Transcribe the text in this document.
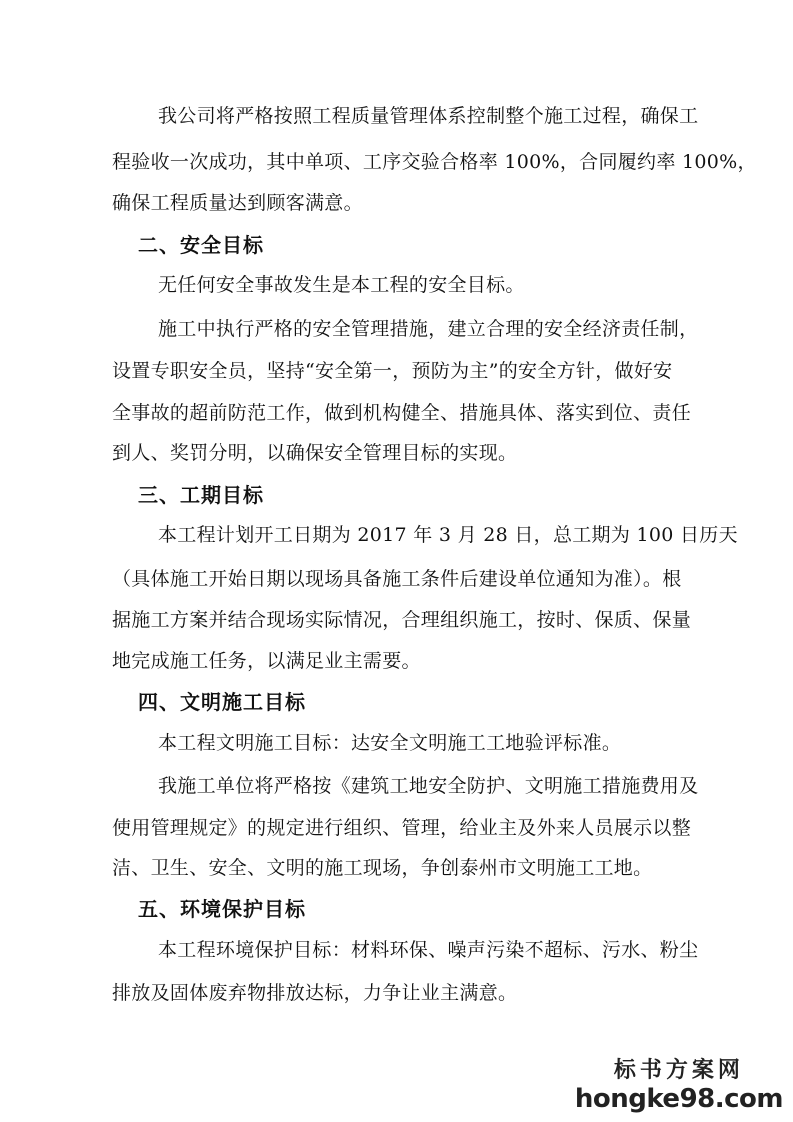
我公司将严格按照工程质量管理体系控制整个施工过程，确保工
程验收一次成功，其中单项、工序交验合格率 100%，合同履约率 100%，
确保工程质量达到顾客满意。
二、安全目标
无任何安全事故发生是本工程的安全目标。
施工中执行严格的安全管理措施，建立合理的安全经济责任制，
设置专职安全员，坚持“安全第一，预防为主”的安全方针，做好安
全事故的超前防范工作，做到机构健全、措施具体、落实到位、责任
到人、奖罚分明，以确保安全管理目标的实现。
三、工期目标
本工程计划开工日期为 2017 年 3 月 28 日，总工期为 100 日历天
（具体施工开始日期以现场具备施工条件后建设单位通知为准）。根
据施工方案并结合现场实际情况，合理组织施工，按时、保质、保量
地完成施工任务，以满足业主需要。
四、文明施工目标
本工程文明施工目标：达安全文明施工工地验评标准。
我施工单位将严格按《建筑工地安全防护、文明施工措施费用及
使用管理规定》的规定进行组织、管理，给业主及外来人员展示以整
洁、卫生、安全、文明的施工现场，争创泰州市文明施工工地。
五、环境保护目标
本工程环境保护目标：材料环保、噪声污染不超标、污水、粉尘
排放及固体废弃物排放达标，力争让业主满意。
标书方案网
hongke98.com
